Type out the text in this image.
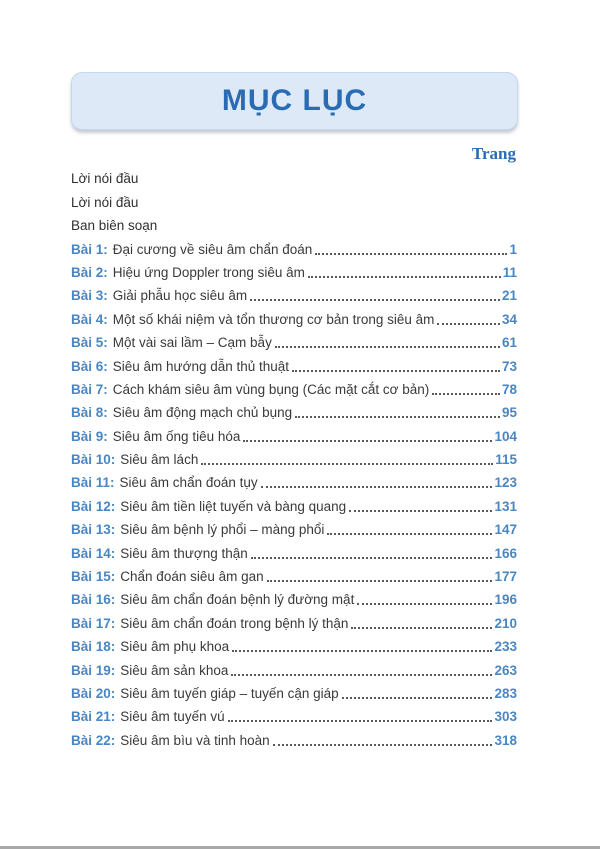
MỤC LỤC
Trang
Lời nói đầu
Lời nói đầu
Ban biên soạn
Bài 1: Đại cương về siêu âm chẩn đoán	1
Bài 2: Hiệu ứng Doppler trong siêu âm	11
Bài 3: Giải phẫu học siêu âm	21
Bài 4: Một số khái niệm và tổn thương cơ bản trong siêu âm	34
Bài 5: Một vài sai lầm – Cạm bẫy	61
Bài 6: Siêu âm hướng dẫn thủ thuật	73
Bài 7: Cách khám siêu âm vùng bụng (Các mặt cắt cơ bản)	78
Bài 8: Siêu âm động mạch chủ bụng	95
Bài 9: Siêu âm ống tiêu hóa	104
Bài 10: Siêu âm lách	115
Bài 11: Siêu âm chẩn đoán tụy	123
Bài 12: Siêu âm tiền liệt tuyến và bàng quang	131
Bài 13: Siêu âm bệnh lý phổi – màng phổi	147
Bài 14: Siêu âm thượng thận	166
Bài 15: Chẩn đoán siêu âm gan	177
Bài 16: Siêu âm chẩn đoán bệnh lý đường mật	196
Bài 17: Siêu âm chẩn đoán trong bệnh lý thận	210
Bài 18: Siêu âm phụ khoa	233
Bài 19: Siêu âm sản khoa	263
Bài 20: Siêu âm tuyến giáp – tuyến cận giáp	283
Bài 21: Siêu âm tuyến vú	303
Bài 22: Siêu âm bìu và tinh hoàn	318
